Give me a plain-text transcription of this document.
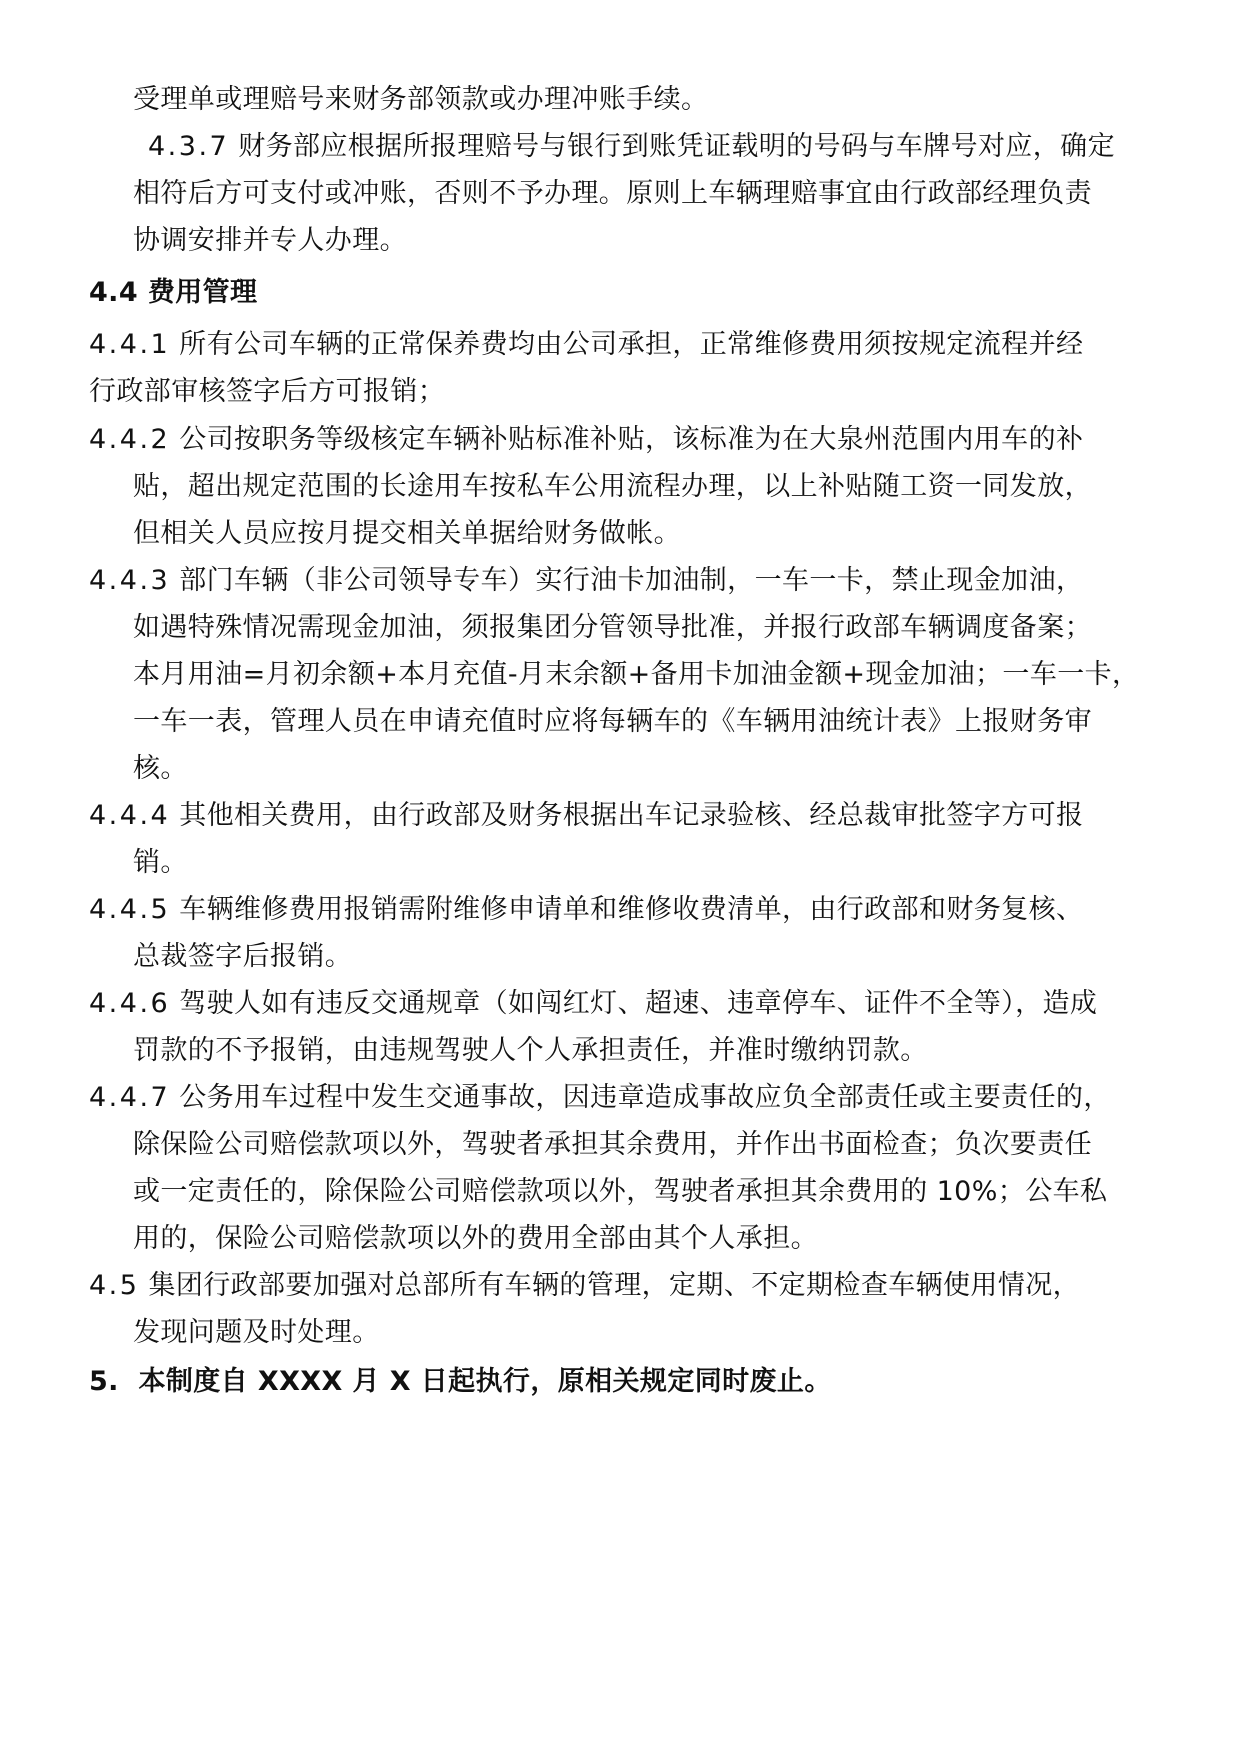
受理单或理赔号来财务部领款或办理冲账手续。

4.3.7 财务部应根据所报理赔号与银行到账凭证载明的号码与车牌号对应，确定

相符后方可支付或冲账，否则不予办理。原则上车辆理赔事宜由行政部经理负责

协调安排并专人办理。

4.4 费用管理

4.4.1 所有公司车辆的正常保养费均由公司承担，正常维修费用须按规定流程并经

行政部审核签字后方可报销；

4.4.2 公司按职务等级核定车辆补贴标准补贴，该标准为在大泉州范围内用车的补

贴，超出规定范围的长途用车按私车公用流程办理，以上补贴随工资一同发放，

但相关人员应按月提交相关单据给财务做帐。

4.4.3 部门车辆（非公司领导专车）实行油卡加油制，一车一卡，禁止现金加油，

如遇特殊情况需现金加油，须报集团分管领导批准，并报行政部车辆调度备案；

本月用油=月初余额+本月充值-月末余额+备用卡加油金额+现金加油；一车一卡，

一车一表，管理人员在申请充值时应将每辆车的《车辆用油统计表》上报财务审

核。

4.4.4 其他相关费用，由行政部及财务根据出车记录验核、经总裁审批签字方可报

销。

4.4.5 车辆维修费用报销需附维修申请单和维修收费清单，由行政部和财务复核、

总裁签字后报销。

4.4.6 驾驶人如有违反交通规章（如闯红灯、超速、违章停车、证件不全等），造成

罚款的不予报销，由违规驾驶人个人承担责任，并准时缴纳罚款。

4.4.7 公务用车过程中发生交通事故，因违章造成事故应负全部责任或主要责任的，

除保险公司赔偿款项以外，驾驶者承担其余费用，并作出书面检查；负次要责任

或一定责任的，除保险公司赔偿款项以外，驾驶者承担其余费用的 10%；公车私

用的，保险公司赔偿款项以外的费用全部由其个人承担。

4.5 集团行政部要加强对总部所有车辆的管理，定期、不定期检查车辆使用情况，

发现问题及时处理。

5. 本制度自 XXXX 月 X 日起执行，原相关规定同时废止。
